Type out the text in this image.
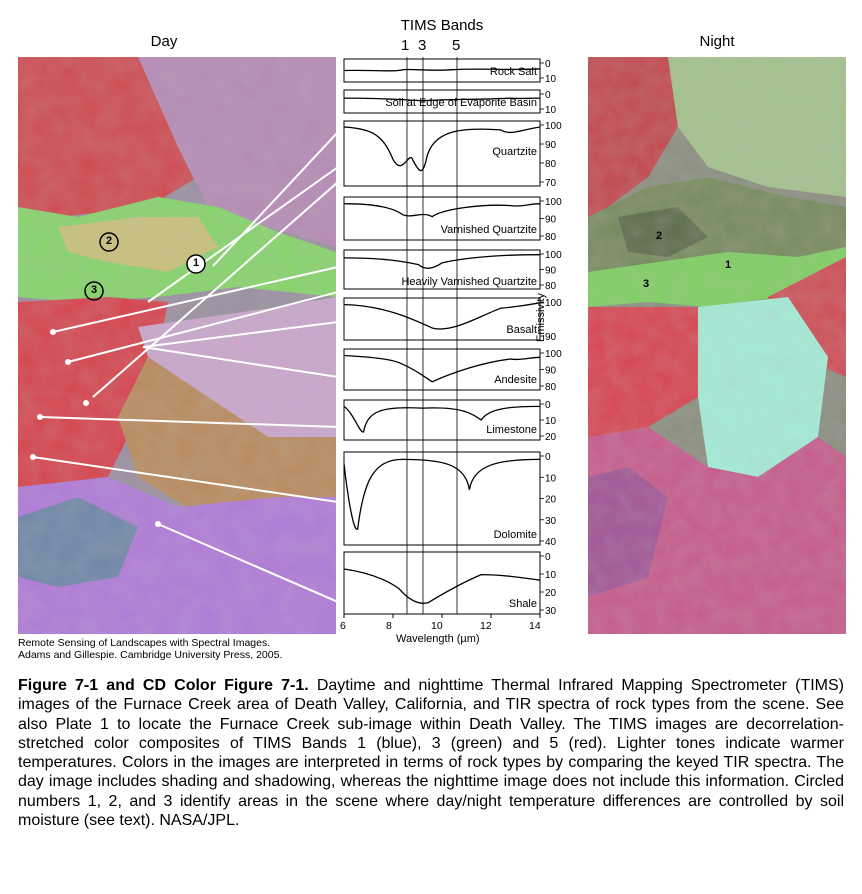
Day	Night
TIMS Bands
1 3 5
1
2
3
2
1
3
Rock Salt
0
10
Soil at Edge of Evaporite Basin
0
10
Quartzite
100
90
80
70
Varnished Quartzite
100
90
80
Heavily Varnished Quartzite
100
90
80
Basalt
100
90
Andesite
100
90
80
Limestone
0
10
20
Dolomite
0
10
20
30
40
Shale
0
10
20
30
6	8	10	12	14
Wavelength (µm)
Emissivity
Remote Sensing of Landscapes with Spectral Images.
Adams and Gillespie. Cambridge University Press, 2005.
Figure 7-1 and CD Color Figure 7-1. Daytime and nighttime Thermal Infrared Mapping Spectrometer (TIMS) images of the Furnace Creek area of Death Valley, California, and TIR spectra of rock types from the scene. See also Plate 1 to locate the Furnace Creek sub-image within Death Valley. The TIMS images are decorrelation-stretched color composites of TIMS Bands 1 (blue), 3 (green) and 5 (red). Lighter tones indicate warmer temperatures. Colors in the images are interpreted in terms of rock types by comparing the keyed TIR spectra. The day image includes shading and shadowing, whereas the nighttime image does not include this information. Circled numbers 1, 2, and 3 identify areas in the scene where day/night temperature differences are controlled by soil moisture (see text). NASA/JPL.
